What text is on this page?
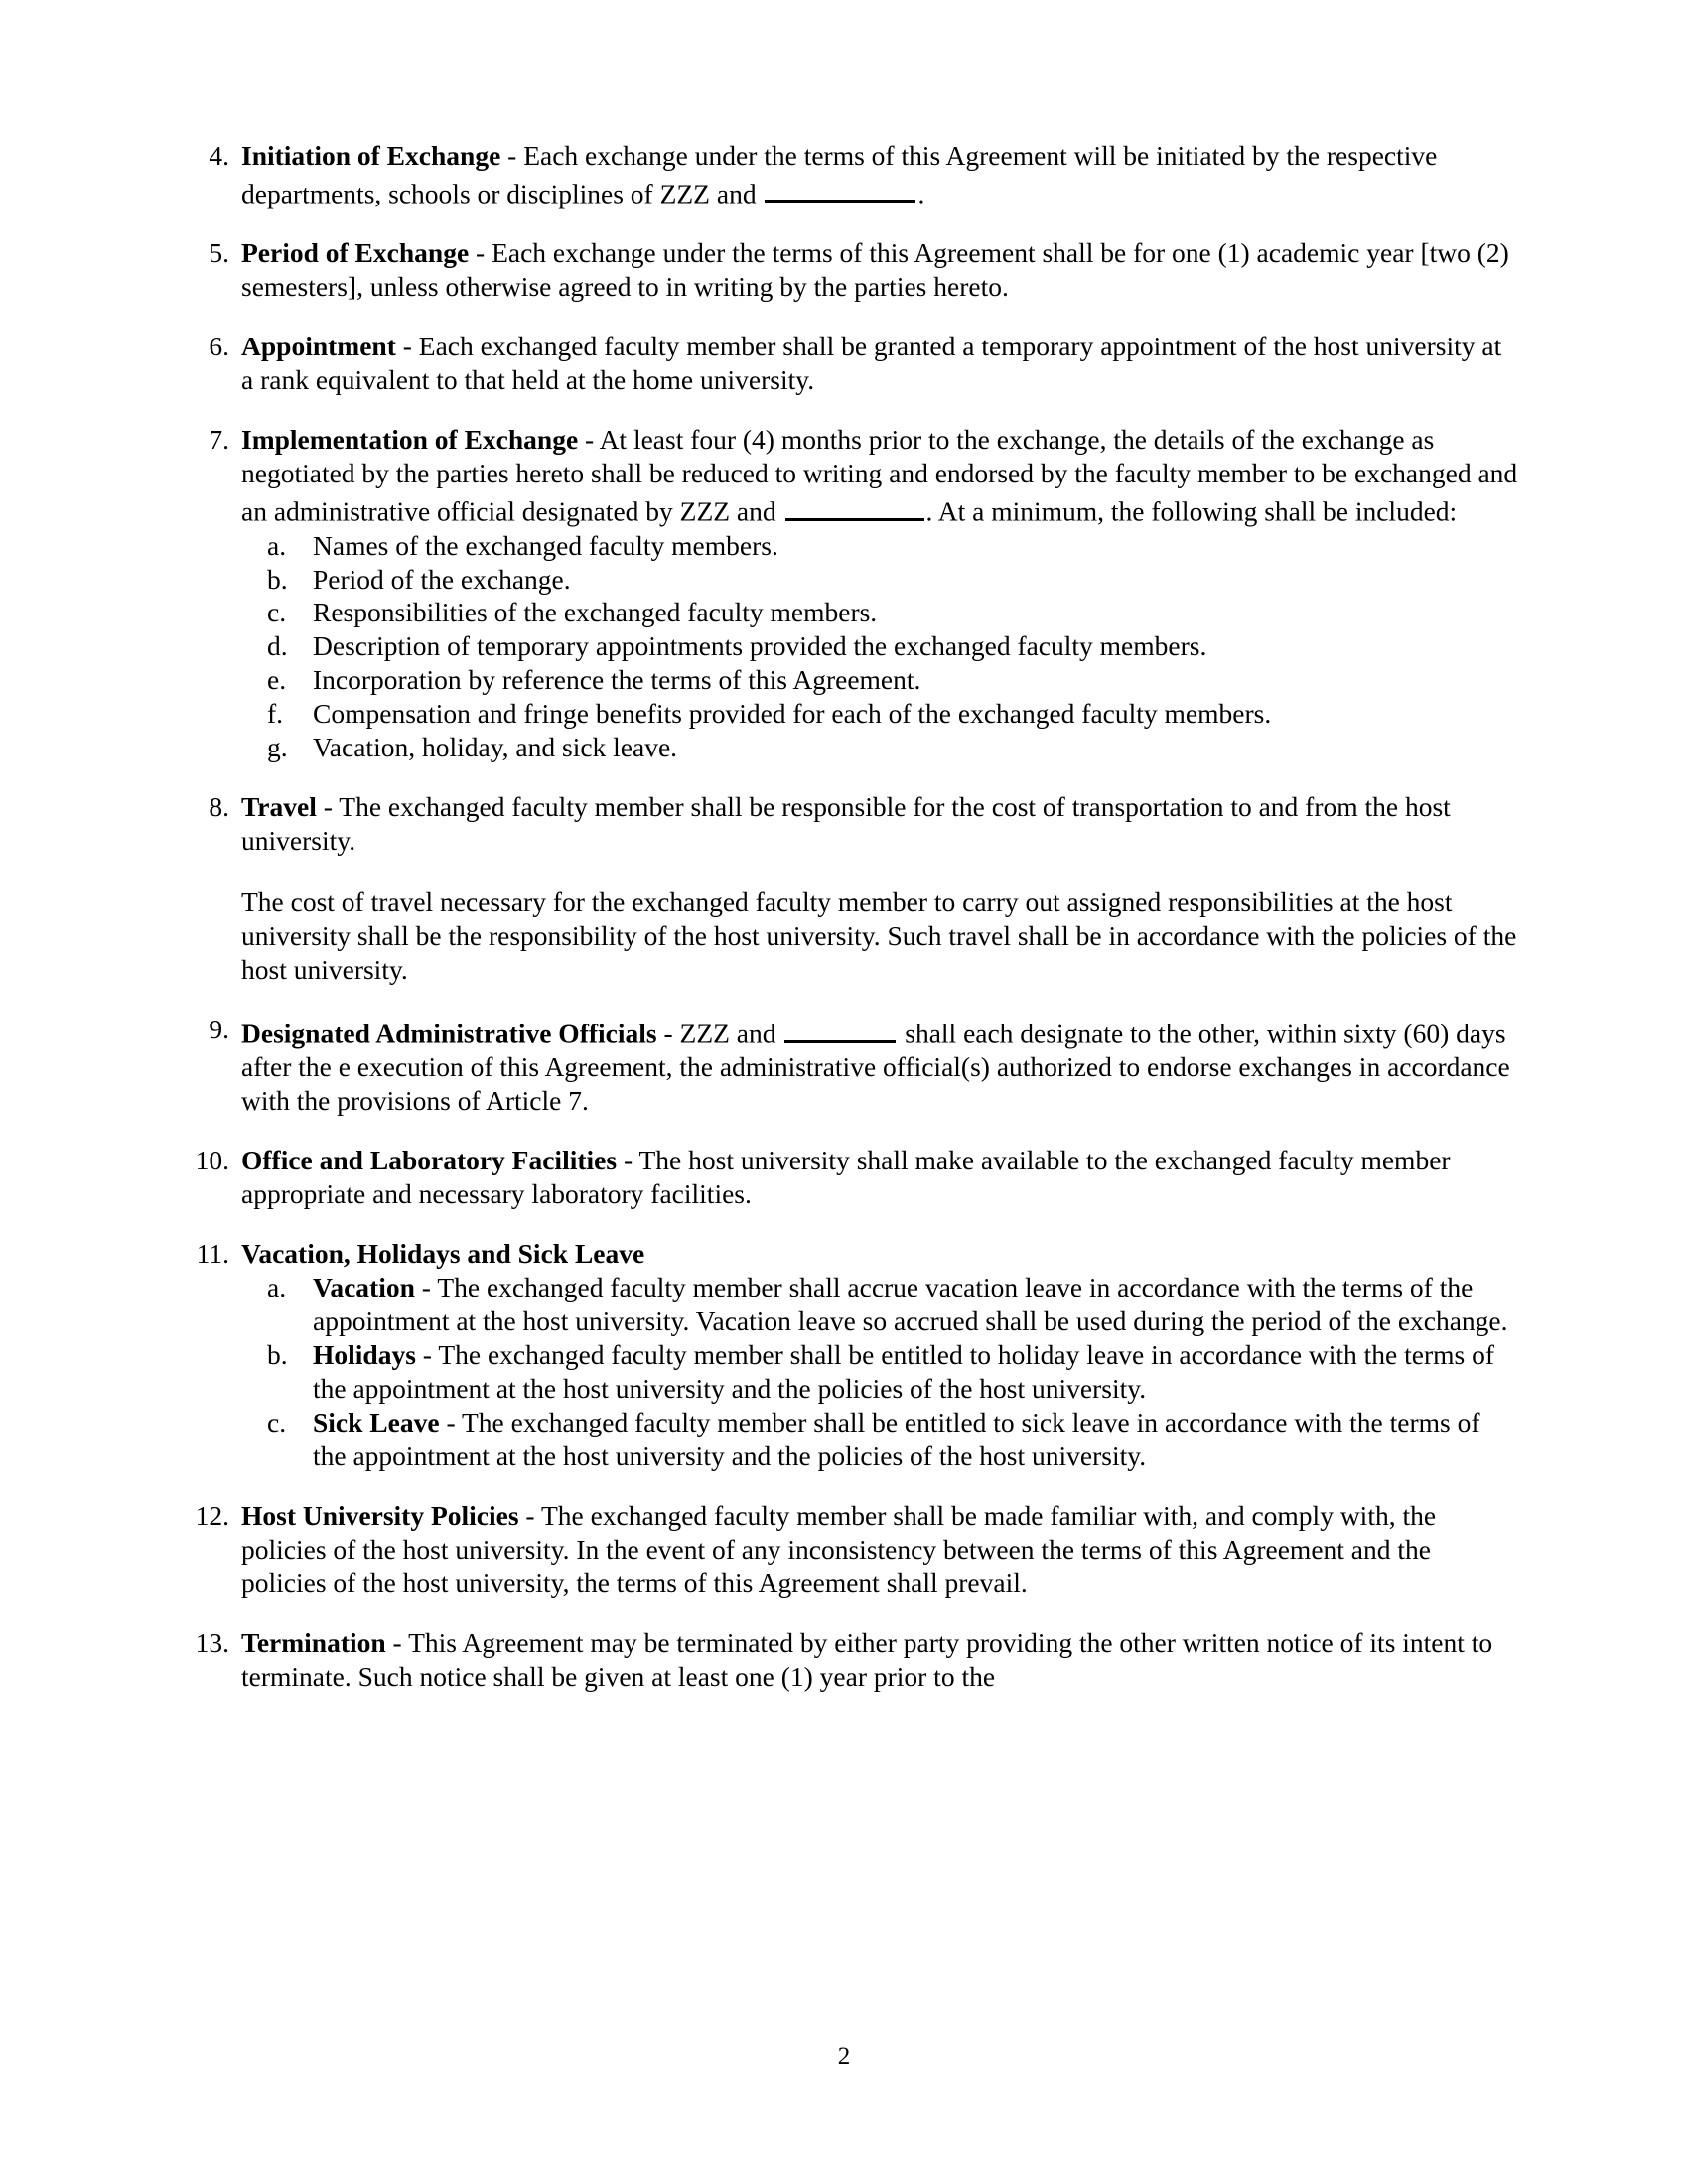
4. Initiation of Exchange - Each exchange under the terms of this Agreement will be initiated by the respective departments, schools or disciplines of ZZZ and	.
5. Period of Exchange - Each exchange under the terms of this Agreement shall be for one (1) academic year [two (2) semesters], unless otherwise agreed to in writing by the parties hereto.
6. Appointment - Each exchanged faculty member shall be granted a temporary appointment of the host university at a rank equivalent to that held at the home university.
7. Implementation of Exchange - At least four (4) months prior to the exchange, the details of the exchange as negotiated by the parties hereto shall be reduced to writing and endorsed by the faculty member to be exchanged and an administrative official designated by ZZZ and	. At a minimum, the following shall be included:
a. Names of the exchanged faculty members.
b. Period of the exchange.
c. Responsibilities of the exchanged faculty members.
d. Description of temporary appointments provided the exchanged faculty members.
e. Incorporation by reference the terms of this Agreement.
f.	Compensation and fringe benefits provided for each of the exchanged faculty members.
g. Vacation, holiday, and sick leave.
8. Travel - The exchanged faculty member shall be responsible for the cost of transportation to and from the host university.
The cost of travel necessary for the exchanged faculty member to carry out assigned responsibilities at the host university shall be the responsibility of the host university. Such travel shall be in accordance with the policies of the host university.
9. Designated Administrative Officials - ZZZ and	shall each designate to the other, within sixty (60) days after the e execution of this Agreement, the administrative official(s) authorized to endorse exchanges in accordance with the provisions of Article 7.
10. Office and Laboratory Facilities - The host university shall make available to the exchanged faculty member appropriate and necessary laboratory facilities.
11. Vacation, Holidays and Sick Leave
a. Vacation - The exchanged faculty member shall accrue vacation leave in accordance with the terms of the appointment at the host university. Vacation leave so accrued shall be used during the period of the exchange.
b. Holidays - The exchanged faculty member shall be entitled to holiday leave in accordance with the terms of the appointment at the host university and the policies of the host university.
c. Sick Leave - The exchanged faculty member shall be entitled to sick leave in accordance with the terms of the appointment at the host university and the policies of the host university.
12. Host University Policies - The exchanged faculty member shall be made familiar with, and comply with, the policies of the host university. In the event of any inconsistency between the terms of this Agreement and the policies of the host university, the terms of this Agreement shall prevail.
13. Termination - This Agreement may be terminated by either party providing the other written notice of its intent to terminate. Such notice shall be given at least one (1) year prior to the
2
